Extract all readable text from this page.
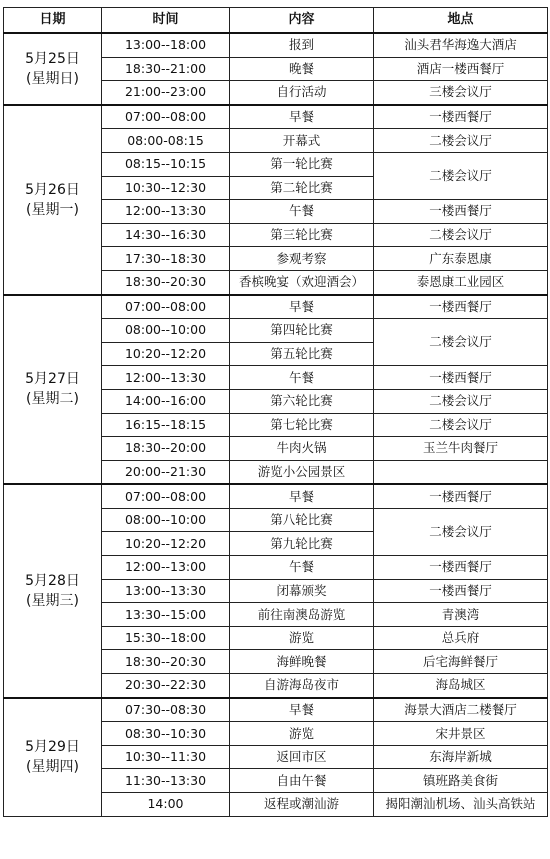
日期	时间	内容	地点

5月25日
(星期日)	13:00--18:00	报到	汕头君华海逸大酒店
	18:30--21:00	晚餐	酒店一楼西餐厅
	21:00--23:00	自行活动	三楼会议厅

5月26日
(星期一)	07:00--08:00	早餐	一楼西餐厅
	08:00-08:15	开幕式	二楼会议厅
	08:15--10:15	第一轮比赛	二楼会议厅
	10:30--12:30	第二轮比赛	
	12:00--13:30	午餐	一楼西餐厅
	14:30--16:30	第三轮比赛	二楼会议厅
	17:30--18:30	参观考察	广东泰恩康
	18:30--20:30	香槟晚宴（欢迎酒会）	泰恩康工业园区

5月27日
(星期二)	07:00--08:00	早餐	一楼西餐厅
	08:00--10:00	第四轮比赛	二楼会议厅
	10:20--12:20	第五轮比赛	
	12:00--13:30	午餐	一楼西餐厅
	14:00--16:00	第六轮比赛	二楼会议厅
	16:15--18:15	第七轮比赛	二楼会议厅
	18:30--20:00	牛肉火锅	玉兰牛肉餐厅
	20:00--21:30	游览小公园景区	

5月28日
(星期三)	07:00--08:00	早餐	一楼西餐厅
	08:00--10:00	第八轮比赛	二楼会议厅
	10:20--12:20	第九轮比赛	
	12:00--13:00	午餐	一楼西餐厅
	13:00--13:30	闭幕颁奖	一楼西餐厅
	13:30--15:00	前往南澳岛游览	青澳湾
	15:30--18:00	游览	总兵府
	18:30--20:30	海鲜晚餐	后宅海鲜餐厅
	20:30--22:30	自游海岛夜市	海岛城区

5月29日
(星期四)	07:30--08:30	早餐	海景大酒店二楼餐厅
	08:30--10:30	游览	宋井景区
	10:30--11:30	返回市区	东海岸新城
	11:30--13:30	自由午餐	镇班路美食街
	14:00	返程或潮汕游	揭阳潮汕机场、汕头高铁站
